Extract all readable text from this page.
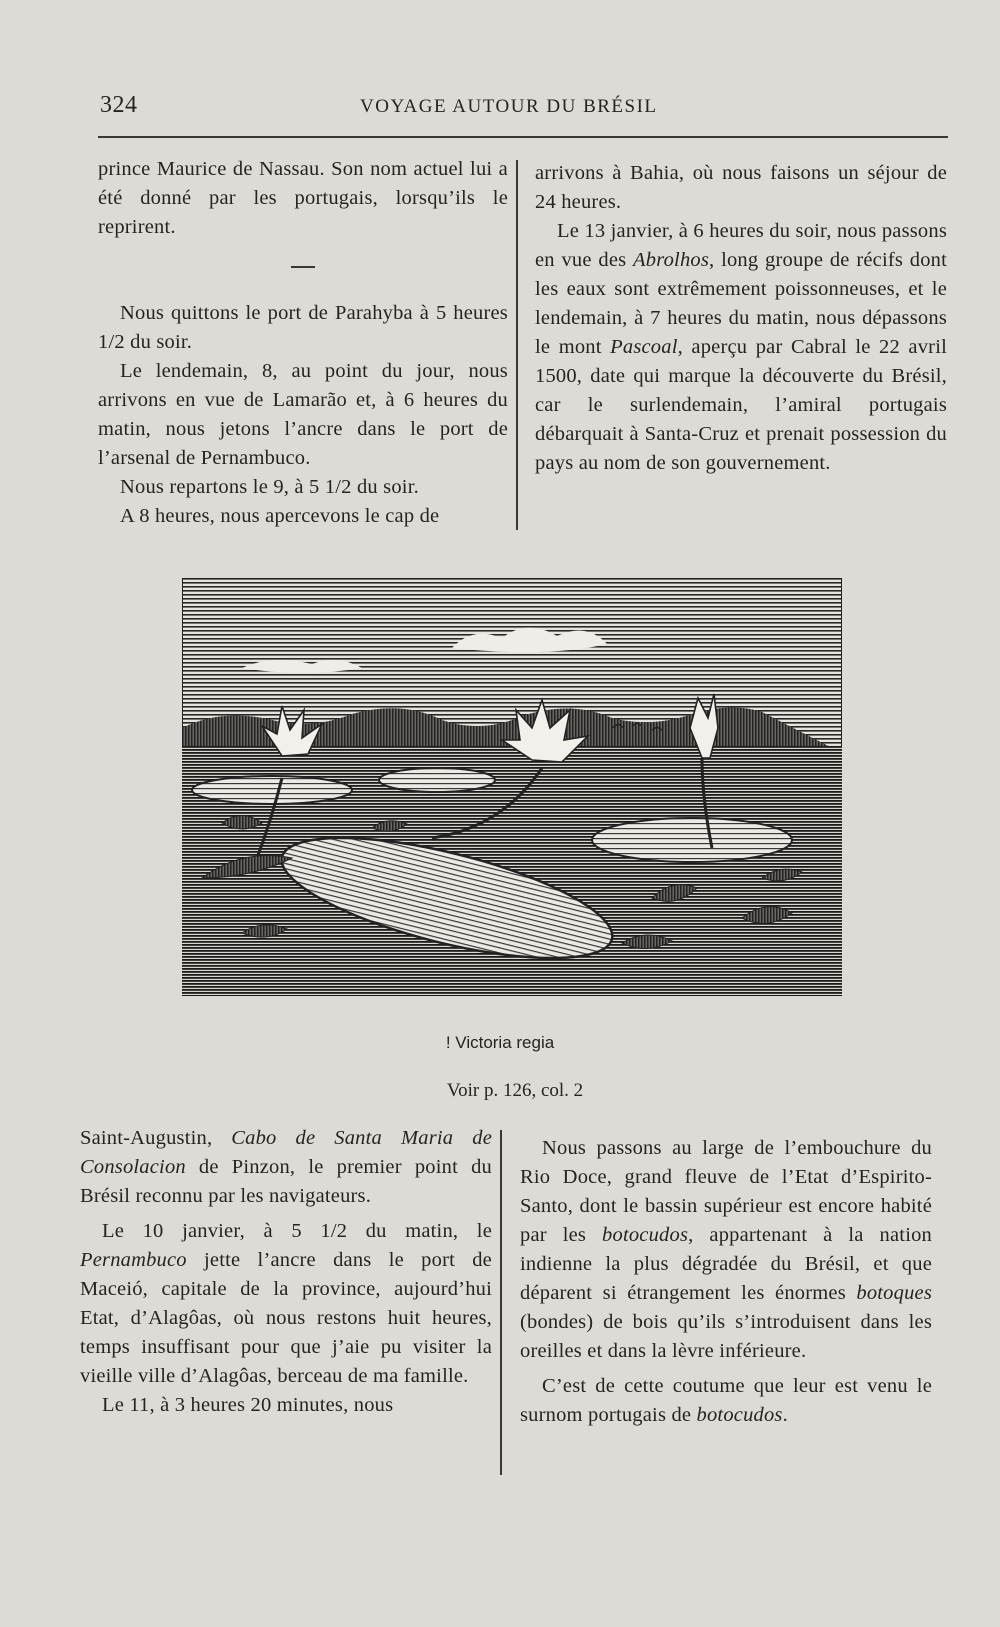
324	VOYAGE AUTOUR DU BRÉSIL

prince Maurice de Nassau. Son nom actuel lui a été donné par les portugais, lorsqu’ils le reprirent.

Nous quittons le port de Parahyba à 5 heures 1/2 du soir.

Le lendemain, 8, au point du jour, nous arrivons en vue de Lamarão et, à 6 heures du matin, nous jetons l’ancre dans le port de l’arsenal de Pernambuco.

Nous repartons le 9, à 5 1/2 du soir.

A 8 heures, nous apercevons le cap de

arrivons à Bahia, où nous faisons un séjour de 24 heures.

Le 13 janvier, à 6 heures du soir, nous passons en vue des Abrolhos, long groupe de récifs dont les eaux sont extrêmement poissonneuses, et le lendemain, à 7 heures du matin, nous dépassons le mont Pascoal, aperçu par Cabral le 22 avril 1500, date qui marque la découverte du Brésil, car le surlendemain, l’amiral portugais débarquait à Santa-Cruz et prenait possession du pays au nom de son gouvernement.

! Victoria regia
Voir p. 126, col. 2

Saint-Augustin, Cabo de Santa Maria de Consolacion de Pinzon, le premier point du Brésil reconnu par les navigateurs.

Le 10 janvier, à 5 1/2 du matin, le Pernambuco jette l’ancre dans le port de Maceió, capitale de la province, aujourd’hui Etat, d’Alagôas, où nous restons huit heures, temps insuffisant pour que j’aie pu visiter la vieille ville d’Alagôas, berceau de ma famille.

Le 11, à 3 heures 20 minutes, nous

Nous passons au large de l’embouchure du Rio Doce, grand fleuve de l’Etat d’Espirito-Santo, dont le bassin supérieur est encore habité par les botocudos, appartenant à la nation indienne la plus dégradée du Brésil, et que déparent si étrangement les énormes botoques (bondes) de bois qu’ils s’introduisent dans les oreilles et dans la lèvre inférieure.

C’est de cette coutume que leur est venu le surnom portugais de botocudos.
